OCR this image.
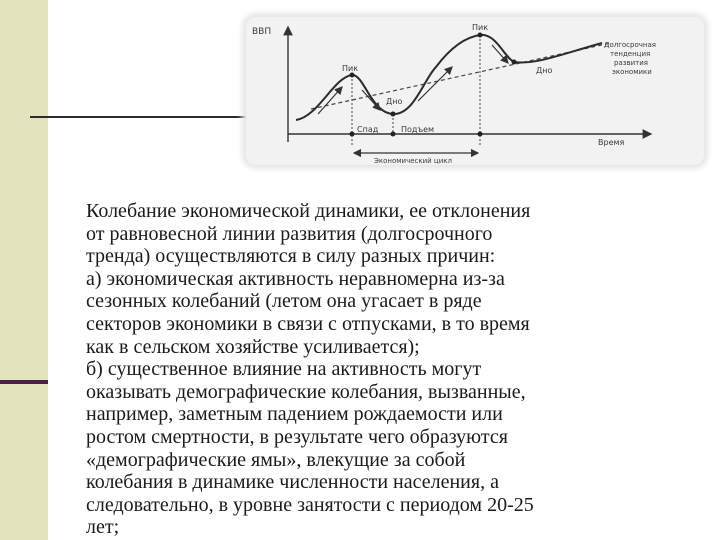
ВВП
Время
Пик
Пик
Дно
Дно
Спад	Подъем
Экономический цикл
Долгосрочная тенденция развития экономики

Колебание экономической динамики, ее отклонения
от равновесной линии развития (долгосрочного
тренда) осуществляются в силу разных причин:
а) экономическая активность неравномерна из-за
сезонных колебаний (летом она угасает в ряде
секторов экономики в связи с отпусками, в то время
как в сельском хозяйстве усиливается);
б) существенное влияние на активность могут
оказывать демографические колебания, вызванные,
например, заметным падением рождаемости или
ростом смертности, в результате чего образуются
«демографические ямы», влекущие за собой
колебания в динамике численности населения, а
следовательно, в уровне занятости с периодом 20-25
лет;
